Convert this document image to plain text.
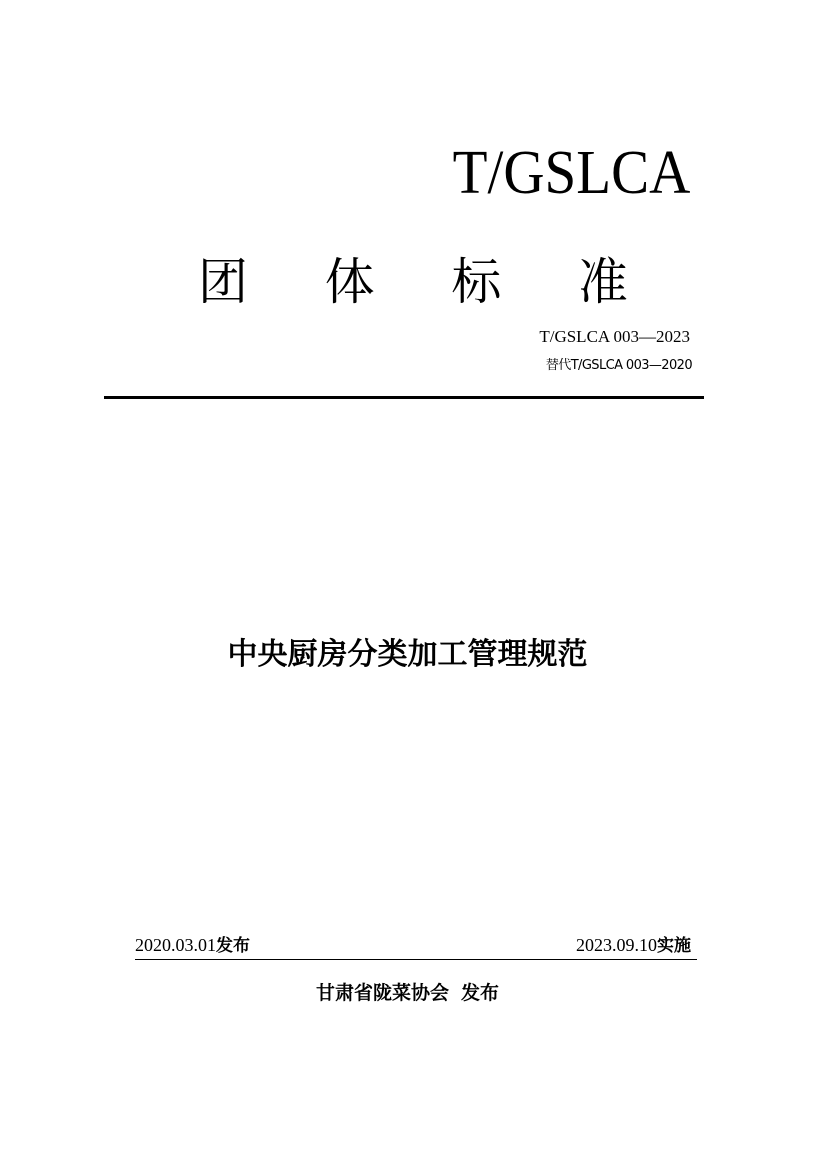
T/GSLCA
团 体 标 准
T/GSLCA 003—2023
替代T/GSLCA 003—2020
中央厨房分类加工管理规范
2020.03.01发布	2023.09.10实施
甘肃省陇菜协会 发布
